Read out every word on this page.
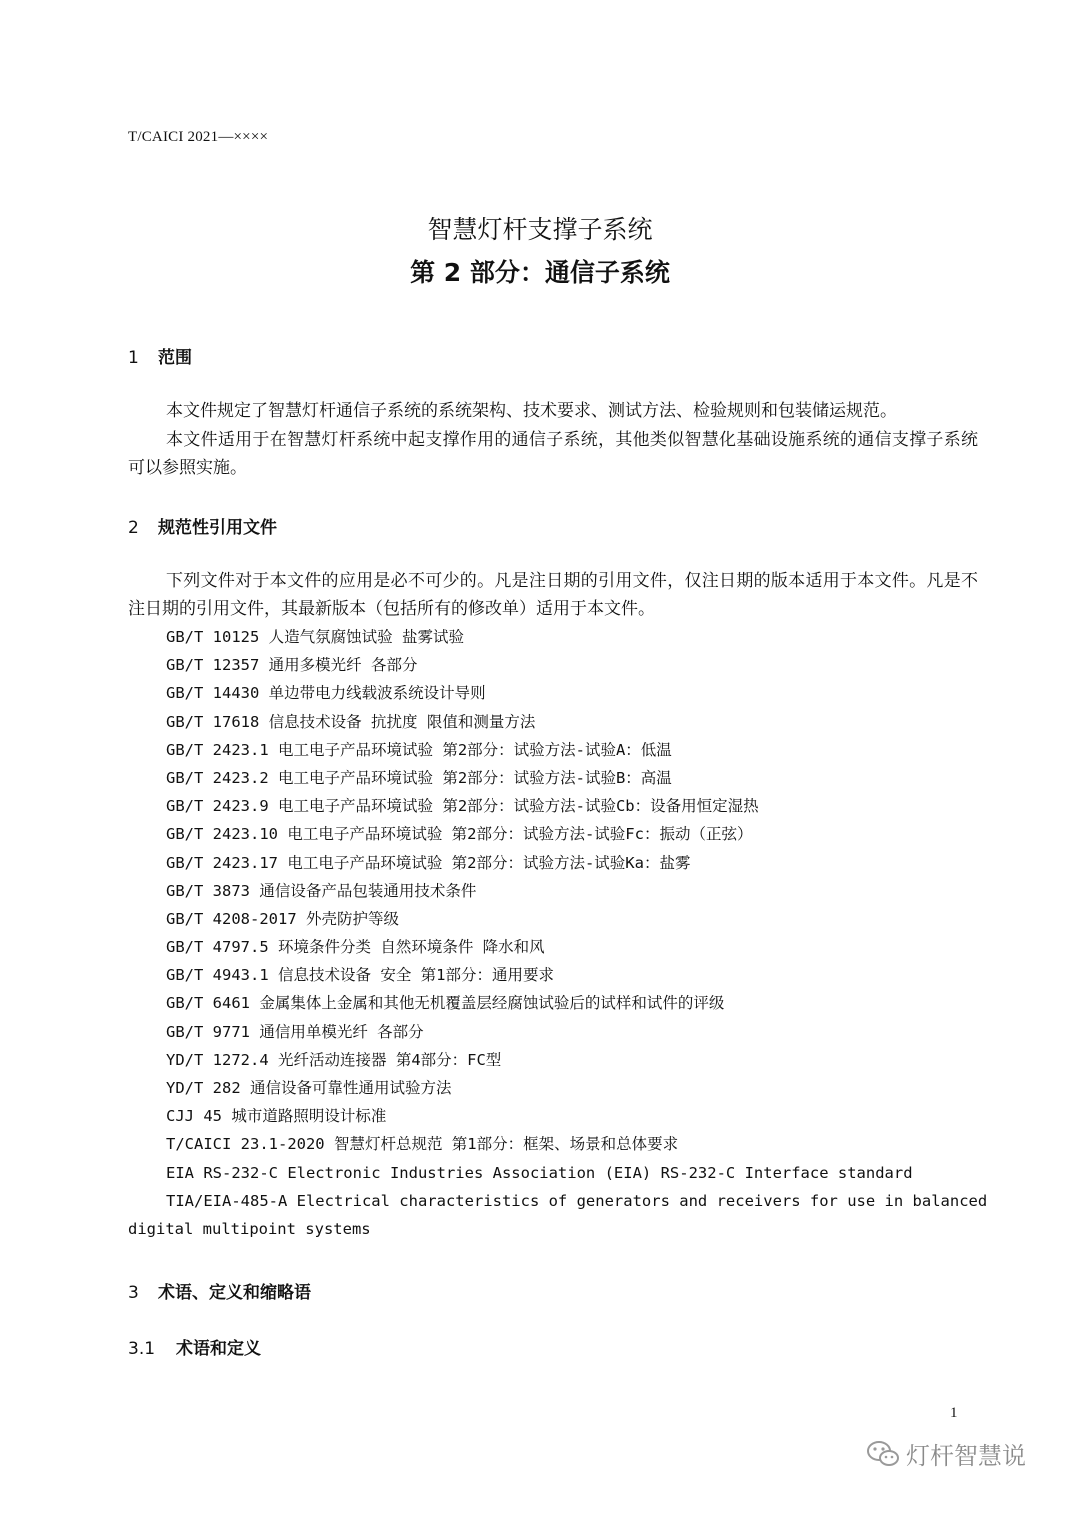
T/CAICI 2021—××××
智慧灯杆支撑子系统
第 2 部分：通信子系统
1 范围

本文件规定了智慧灯杆通信子系统的系统架构、技术要求、测试方法、检验规则和包装储运规范。

本文件适用于在智慧灯杆系统中起支撑作用的通信子系统，其他类似智慧化基础设施系统的通信支撑子系统可以参照实施。

2 规范性引用文件

下列文件对于本文件的应用是必不可少的。凡是注日期的引用文件，仅注日期的版本适用于本文件。凡是不注日期的引用文件，其最新版本（包括所有的修改单）适用于本文件。

GB/T 10125 人造气氛腐蚀试验 盐雾试验
GB/T 12357 通用多模光纤 各部分
GB/T 14430 单边带电力线载波系统设计导则
GB/T 17618 信息技术设备 抗扰度 限值和测量方法
GB/T 2423.1 电工电子产品环境试验 第2部分：试验方法-试验A：低温
GB/T 2423.2 电工电子产品环境试验 第2部分：试验方法-试验B：高温
GB/T 2423.9 电工电子产品环境试验 第2部分：试验方法-试验Cb：设备用恒定湿热
GB/T 2423.10 电工电子产品环境试验 第2部分：试验方法-试验Fc：振动（正弦）
GB/T 2423.17 电工电子产品环境试验 第2部分：试验方法-试验Ka：盐雾
GB/T 3873 通信设备产品包装通用技术条件
GB/T 4208-2017 外壳防护等级
GB/T 4797.5 环境条件分类 自然环境条件 降水和风
GB/T 4943.1 信息技术设备 安全 第1部分：通用要求
GB/T 6461 金属集体上金属和其他无机覆盖层经腐蚀试验后的试样和试件的评级
GB/T 9771 通信用单模光纤 各部分
YD/T 1272.4 光纤活动连接器 第4部分：FC型
YD/T 282 通信设备可靠性通用试验方法
CJJ 45 城市道路照明设计标准
T/CAICI 23.1-2020 智慧灯杆总规范 第1部分：框架、场景和总体要求
EIA RS-232-C Electronic Industries Association (EIA) RS-232-C Interface standard
TIA/EIA-485-A Electrical characteristics of generators and receivers for use in balanced digital multipoint systems
3 术语、定义和缩略语
3.1 术语和定义
1
灯杆智慧说
